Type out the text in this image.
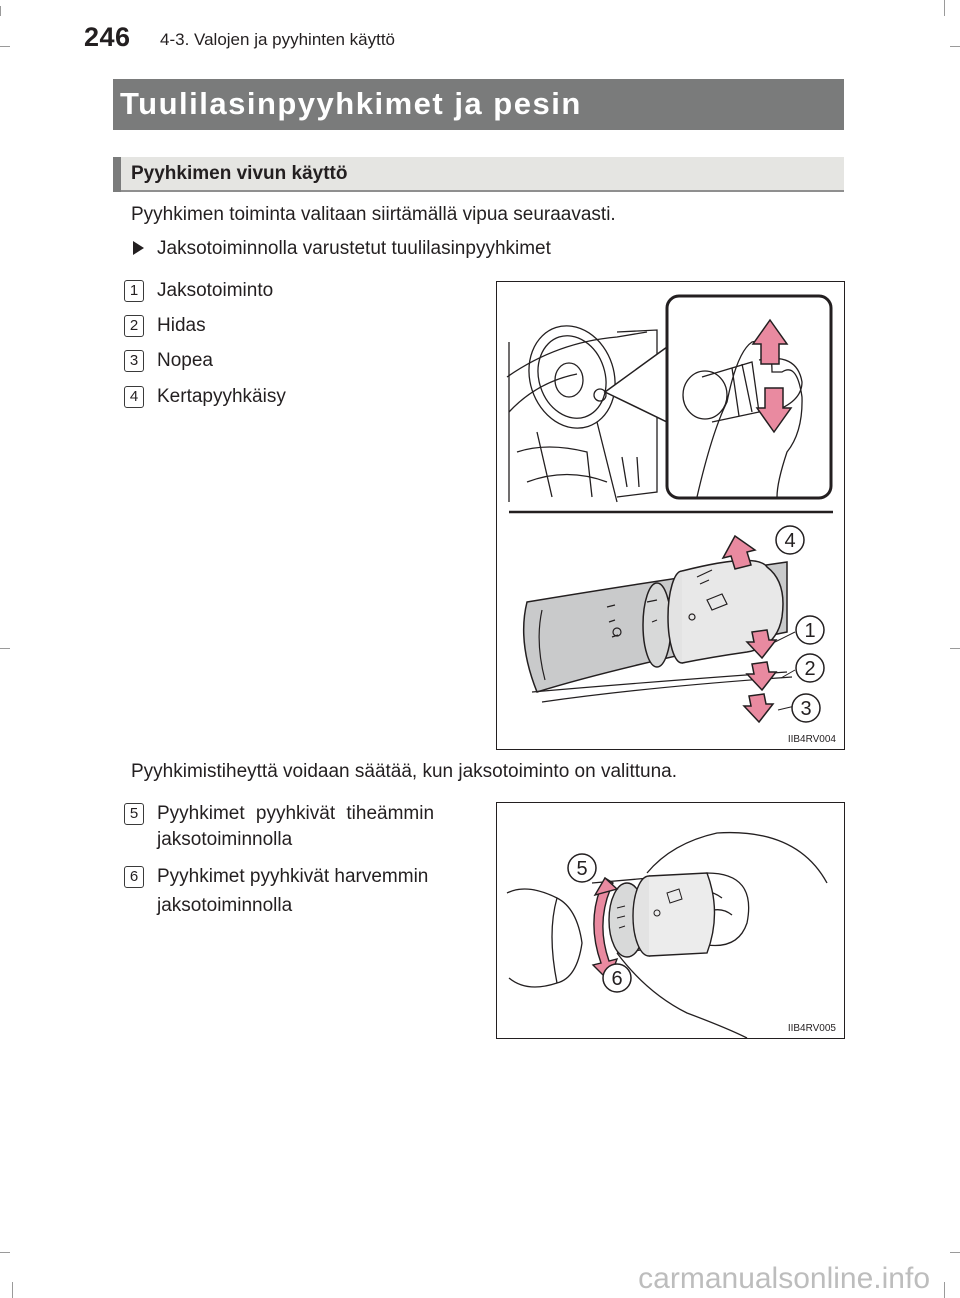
246 4-3. Valojen ja pyyhinten käyttö
Tuulilasinpyyhkimet ja pesin
Pyyhkimen vivun käyttö
Pyyhkimen toiminta valitaan siirtämällä vipua seuraavasti.
Jaksotoiminnolla varustetut tuulilasinpyyhkimet
1 Jaksotoiminto
2 Hidas
3 Nopea
4 Kertapyyhkäisy
4
1
2
3
IIB4RV004
Pyyhkimistiheyttä voidaan säätää, kun jaksotoiminto on valittuna.
5 Pyyhkimet pyyhkivät tiheämmin
jaksotoiminnolla
6 Pyyhkimet pyyhkivät harvemmin
jaksotoiminnolla
5
6
IIB4RV005
carmanualsonline.info
